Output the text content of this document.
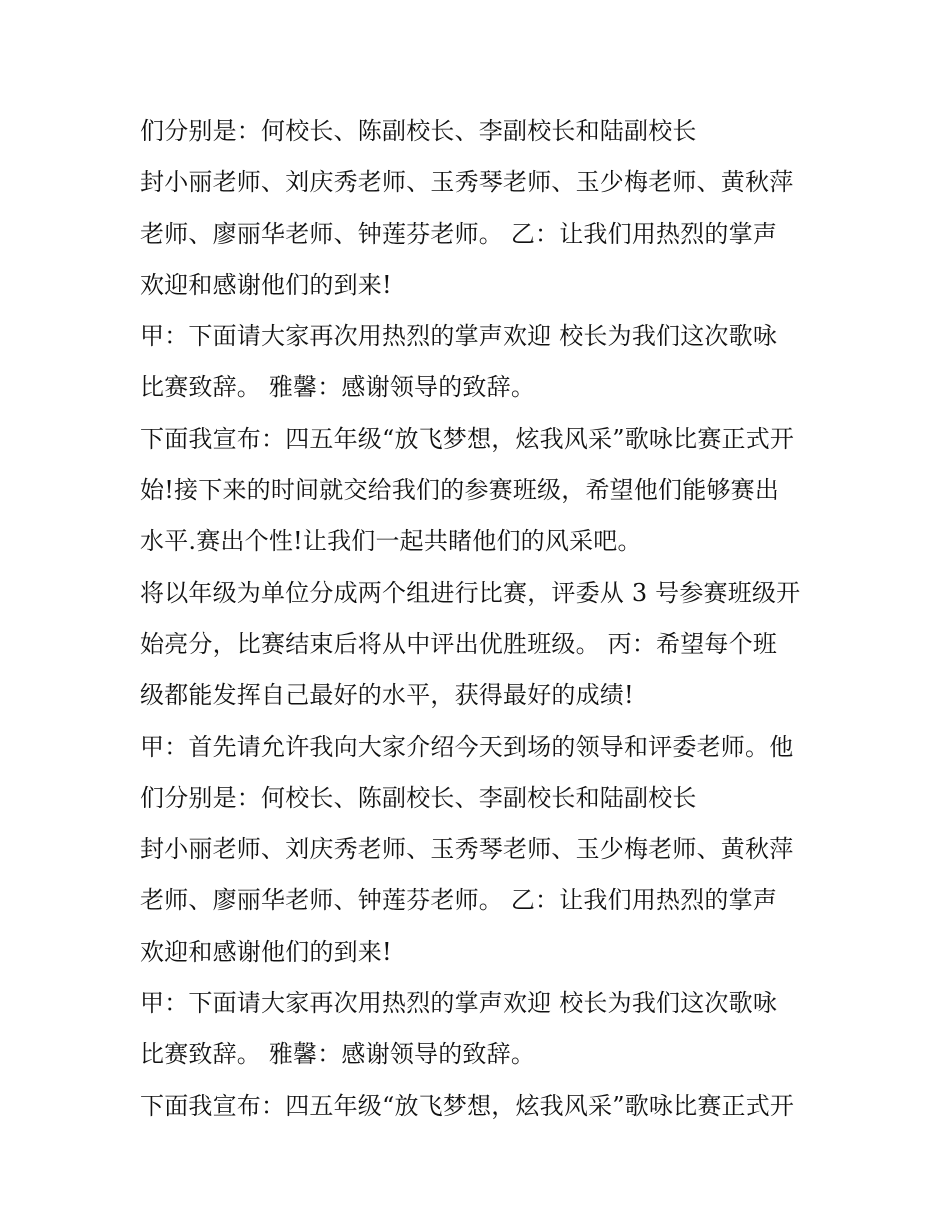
们分别是：何校长、陈副校长、李副校长和陆副校长
封小丽老师、刘庆秀老师、玉秀琴老师、玉少梅老师、黄秋萍
老师、廖丽华老师、钟莲芬老师。 乙：让我们用热烈的掌声
欢迎和感谢他们的到来!
甲：下面请大家再次用热烈的掌声欢迎 校长为我们这次歌咏
比赛致辞。 雅馨：感谢领导的致辞。
下面我宣布：四五年级“放飞梦想，炫我风采”歌咏比赛正式开
始!接下来的时间就交给我们的参赛班级，希望他们能够赛出
水平.赛出个性!让我们一起共睹他们的风采吧。
将以年级为单位分成两个组进行比赛，评委从 3 号参赛班级开
始亮分，比赛结束后将从中评出优胜班级。 丙：希望每个班
级都能发挥自己最好的水平，获得最好的成绩!
甲：首先请允许我向大家介绍今天到场的领导和评委老师。他
们分别是：何校长、陈副校长、李副校长和陆副校长
封小丽老师、刘庆秀老师、玉秀琴老师、玉少梅老师、黄秋萍
老师、廖丽华老师、钟莲芬老师。 乙：让我们用热烈的掌声
欢迎和感谢他们的到来!
甲：下面请大家再次用热烈的掌声欢迎 校长为我们这次歌咏
比赛致辞。 雅馨：感谢领导的致辞。
下面我宣布：四五年级“放飞梦想，炫我风采”歌咏比赛正式开
